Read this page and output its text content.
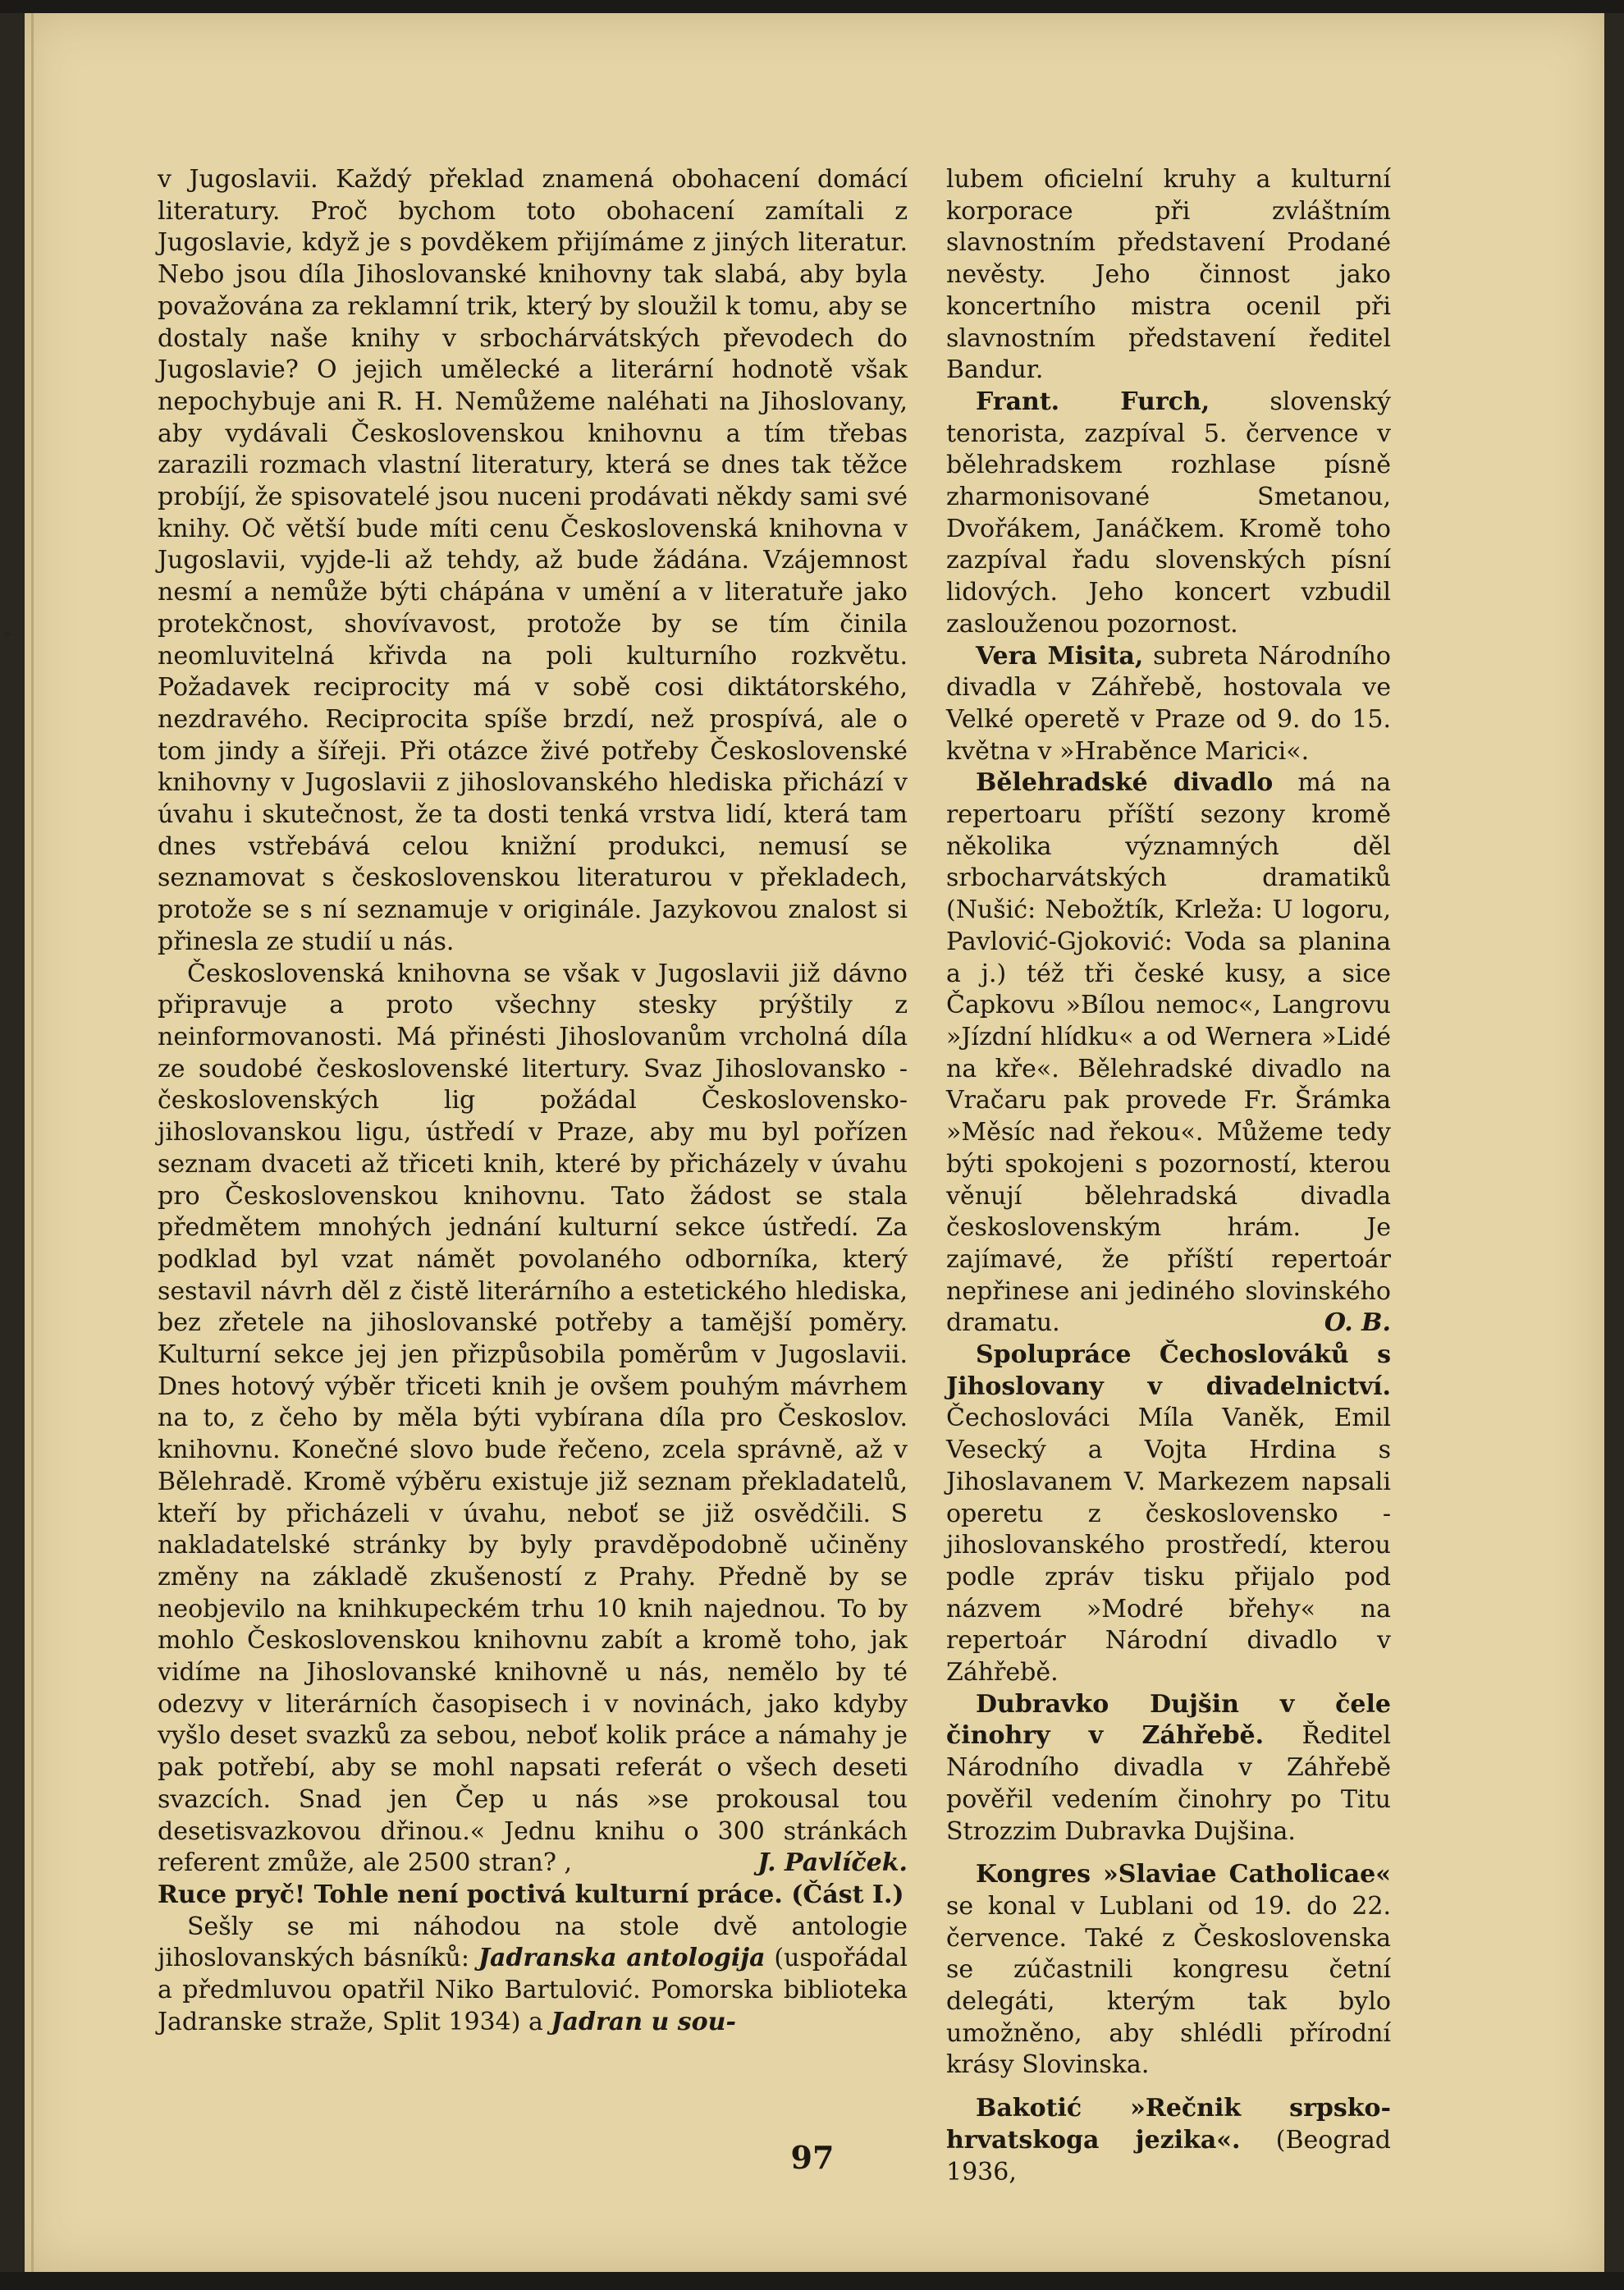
▸

v Jugoslavii. Každý překlad znamená obohacení domácí literatury. Proč bychom toto obohacení zamítali z Jugoslavie, když je s povděkem přijímáme z jiných literatur. Nebo jsou díla Jihoslovanské knihovny tak slabá, aby byla považována za reklamní trik, který by sloužil k tomu, aby se dostaly naše knihy v srbochárvátských převodech do Jugoslavie? O jejich umělecké a literární hodnotě však nepochybuje ani R. H. Nemůžeme naléhati na Jihoslovany, aby vydávali Československou knihovnu a tím třebas zarazili rozmach vlastní literatury, která se dnes tak těžce probíjí, že spisovatelé jsou nuceni prodávati někdy sami své knihy. Oč větší bude míti cenu Československá knihovna v Jugoslavii, vyjde-li až tehdy, až bude žádána. Vzájemnost nesmí a nemůže býti chápána v umění a v literatuře jako protekčnost, shovívavost, protože by se tím činila neomluvitelná křivda na poli kulturního rozkvětu. Požadavek reciprocity má v sobě cosi diktátorského, nezdravého. Reciprocita spíše brzdí, než prospívá, ale o tom jindy a šířeji. Při otázce živé potřeby Československé knihovny v Jugoslavii z jihoslovanského hlediska přichází v úvahu i skutečnost, že ta dosti tenká vrstva lidí, která tam dnes vstřebává celou knižní produkci, nemusí se seznamovat s československou literaturou v překladech, protože se s ní seznamuje v originále. Jazykovou znalost si přinesla ze studií u nás.

Československá knihovna se však v Jugoslavii již dávno připravuje a proto všechny stesky prýštily z neinformovanosti. Má přinésti Jihoslovanům vrcholná díla ze soudobé československé litertury. Svaz Jihoslovansko - československých lig požádal Československo-jihoslovanskou ligu, ústředí v Praze, aby mu byl pořízen seznam dvaceti až třiceti knih, které by přicházely v úvahu pro Československou knihovnu. Tato žádost se stala předmětem mnohých jednání kulturní sekce ústředí. Za podklad byl vzat námět povolaného odborníka, který sestavil návrh děl z čistě literárního a estetického hlediska, bez zřetele na jihoslovanské potřeby a tamější poměry. Kulturní sekce jej jen přizpůsobila poměrům v Jugoslavii. Dnes hotový výběr třiceti knih je ovšem pouhým mávrhem na to, z čeho by měla býti vybírana díla pro Českoslov. knihovnu. Konečné slovo bude řečeno, zcela správně, až v Bělehradě. Kromě výběru existuje již seznam překladatelů, kteří by přicházeli v úvahu, neboť se již osvědčili. S nakladatelské stránky by byly pravděpodobně učiněny změny na základě zkušeností z Prahy. Předně by se neobjevilo na knihkupeckém trhu 10 knih najednou. To by mohlo Československou knihovnu zabít a kromě toho, jak vidíme na Jihoslovanské knihovně u nás, nemělo by té odezvy v literárních časopisech i v novinách, jako kdyby vyšlo deset svazků za sebou, neboť kolik práce a námahy je pak potřebí, aby se mohl napsati referát o všech deseti svazcích. Snad jen Čep u nás »se prokousal tou desetisvazkovou dřinou.« Jednu knihu o 300 stránkách referent zmůže, ale 2500 stran? ,	J. Pavlíček.

Ruce pryč! Tohle není poctivá kulturní práce. (Část I.)

Sešly se mi náhodou na stole dvě antologie jihoslovanských básníků: Jadranska antologija (uspořádal a předmluvou opatřil Niko Bartulović. Pomorska biblioteka Jadranske straže, Split 1934) a Jadran u sou-

lubem oficielní kruhy a kulturní korporace při zvláštním slavnostním představení Prodané nevěsty. Jeho činnost jako koncertního mistra ocenil při slavnostním představení ředitel Bandur.

Frant. Furch, slovenský tenorista, zazpíval 5. července v bělehradskem rozhlase písně zharmonisované Smetanou, Dvořákem, Janáčkem. Kromě toho zazpíval řadu slovenských písní lidových. Jeho koncert vzbudil zaslouženou pozornost.

Vera Misita, subreta Národního divadla v Záhřebě, hostovala ve Velké operetě v Praze od 9. do 15. května v »Hraběnce Marici«.

Bělehradské divadlo má na repertoaru příští sezony kromě několika významných děl srbocharvátských dramatiků (Nušić: Nebožtík, Krleža: U logoru, Pavlović-Gjoković: Voda sa planina a j.) též tři české kusy, a sice Čapkovu »Bílou nemoc«, Langrovu »Jízdní hlídku« a od Wernera »Lidé na kře«. Bělehradské divadlo na Vračaru pak provede Fr. Šrámka »Měsíc nad řekou«. Můžeme tedy býti spokojeni s pozorností, kterou věnují bělehradská divadla československým hrám. Je zajímavé, že příští repertoár nepřinese ani jediného slovinského dramatu.	O. B.

Spolupráce Čechoslováků s Jihoslovany v divadelnictví. Čechoslováci Míla Vaněk, Emil Vesecký a Vojta Hrdina s Jihoslavanem V. Markezem napsali operetu z československo - jihoslovanského prostředí, kterou podle zpráv tisku přijalo pod názvem »Modré břehy« na repertoár Národní divadlo v Záhřebě.

Dubravko Dujšin v čele činohry v Záhřebě. Ředitel Národního divadla v Záhřebě pověřil vedením činohry po Titu Strozzim Dubravka Dujšina.

Kongres »Slaviae Catholicae« se konal v Lublani od 19. do 22. července. Také z Československa se zúčastnili kongresu četní delegáti, kterým tak bylo umožněno, aby shlédli přírodní krásy Slovinska.

Bakotić »Rečnik srpsko-hrvatskoga jezika«. (Beograd 1936,

97
